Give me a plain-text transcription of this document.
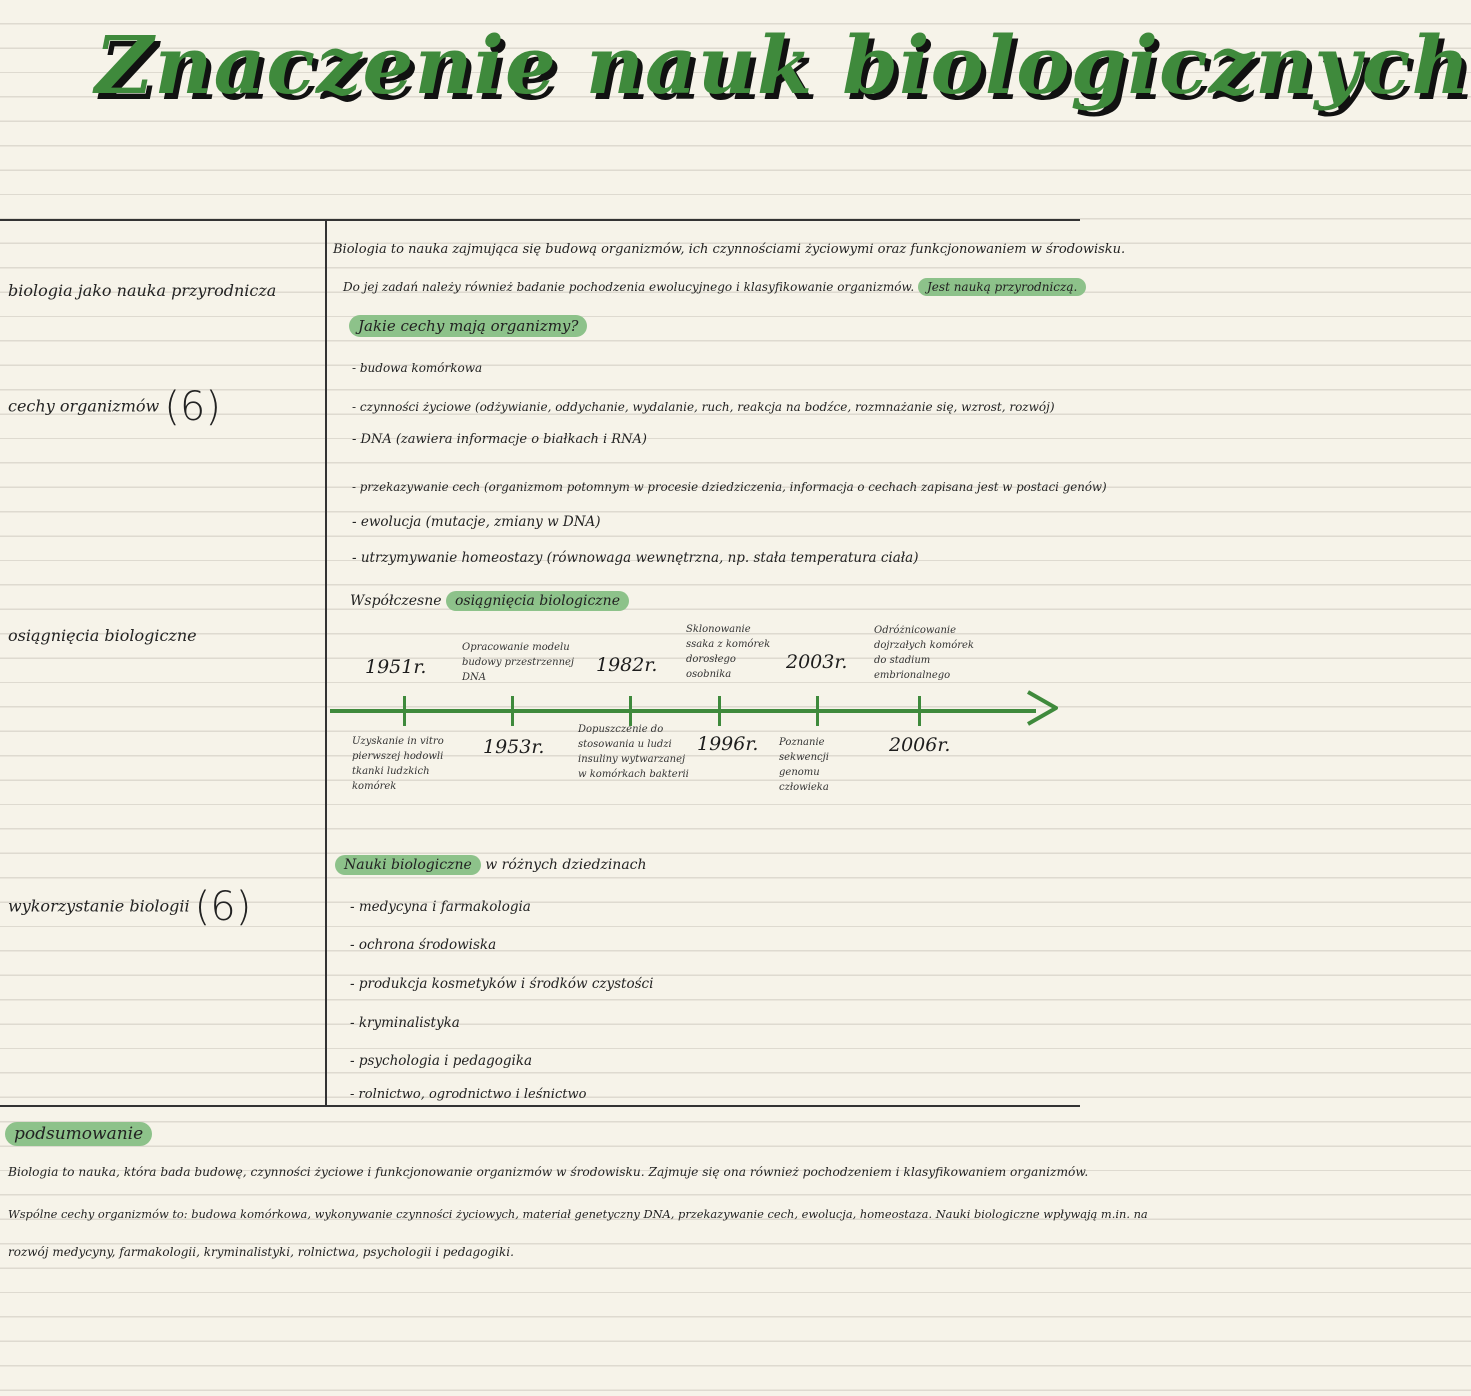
Znaczenie nauk biologicznych
biologia jako nauka przyrodnicza
cechy organizmów (6)
osiągnięcia biologiczne
wykorzystanie biologii (6)
Biologia to nauka zajmująca się budową organizmów, ich czynnościami życiowymi oraz funkcjonowaniem w środowisku.
Do jej zadań należy również badanie pochodzenia ewolucyjnego i klasyfikowanie organizmów. Jest nauką przyrodniczą.
Jakie cechy mają organizmy?
- budowa komórkowa
- czynności życiowe (odżywianie, oddychanie, wydalanie, ruch, reakcja na bodźce, rozmnażanie się, wzrost, rozwój)
- DNA (zawiera informacje o białkach i RNA)
- przekazywanie cech (organizmom potomnym w procesie dziedziczenia, informacja o cechach zapisana jest w postaci genów)
- ewolucja (mutacje, zmiany w DNA)
- utrzymywanie homeostazy (równowaga wewnętrzna, np. stała temperatura ciała)
Współczesne osiągnięcia biologiczne
1951r.
Uzyskanie in vitro pierwszej hodowli tkanki ludzkich komórek
Opracowanie modelu budowy przestrzennej DNA
1953r.
1982r.
Dopuszczenie do stosowania u ludzi insuliny wytwarzanej w komórkach bakterii
Sklonowanie ssaka z komórek dorosłego osobnika
1996r.
2003r.
Poznanie sekwencji genomu człowieka
Odróżnicowanie dojrzałych komórek do stadium embrionalnego
2006r.
Nauki biologiczne w różnych dziedzinach
- medycyna i farmakologia
- ochrona środowiska
- produkcja kosmetyków i środków czystości
- kryminalistyka
- psychologia i pedagogika
- rolnictwo, ogrodnictwo i leśnictwo
podsumowanie
Biologia to nauka, która bada budowę, czynności życiowe i funkcjonowanie organizmów w środowisku. Zajmuje się ona również pochodzeniem i klasyfikowaniem organizmów.
Wspólne cechy organizmów to: budowa komórkowa, wykonywanie czynności życiowych, materiał genetyczny DNA, przekazywanie cech, ewolucja, homeostaza. Nauki biologiczne wpływają m.in. na
rozwój medycyny, farmakologii, kryminalistyki, rolnictwa, psychologii i pedagogiki.
